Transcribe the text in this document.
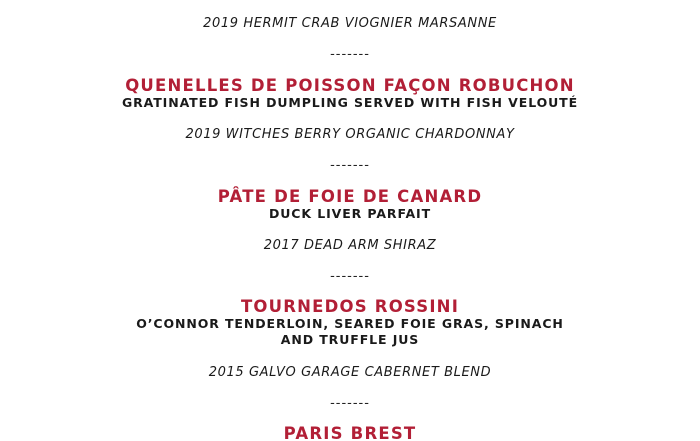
2019 HERMIT CRAB VIOGNIER MARSANNE
-------
QUENELLES DE POISSON FAÇON ROBUCHON
GRATINATED FISH DUMPLING SERVED WITH FISH VELOUTÉ
2019 WITCHES BERRY ORGANIC CHARDONNAY
-------
PÂTE DE FOIE DE CANARD
DUCK LIVER PARFAIT
2017 DEAD ARM SHIRAZ
-------
TOURNEDOS ROSSINI
O’CONNOR TENDERLOIN, SEARED FOIE GRAS, SPINACH
AND TRUFFLE JUS
2015 GALVO GARAGE CABERNET BLEND
-------
PARIS BREST
